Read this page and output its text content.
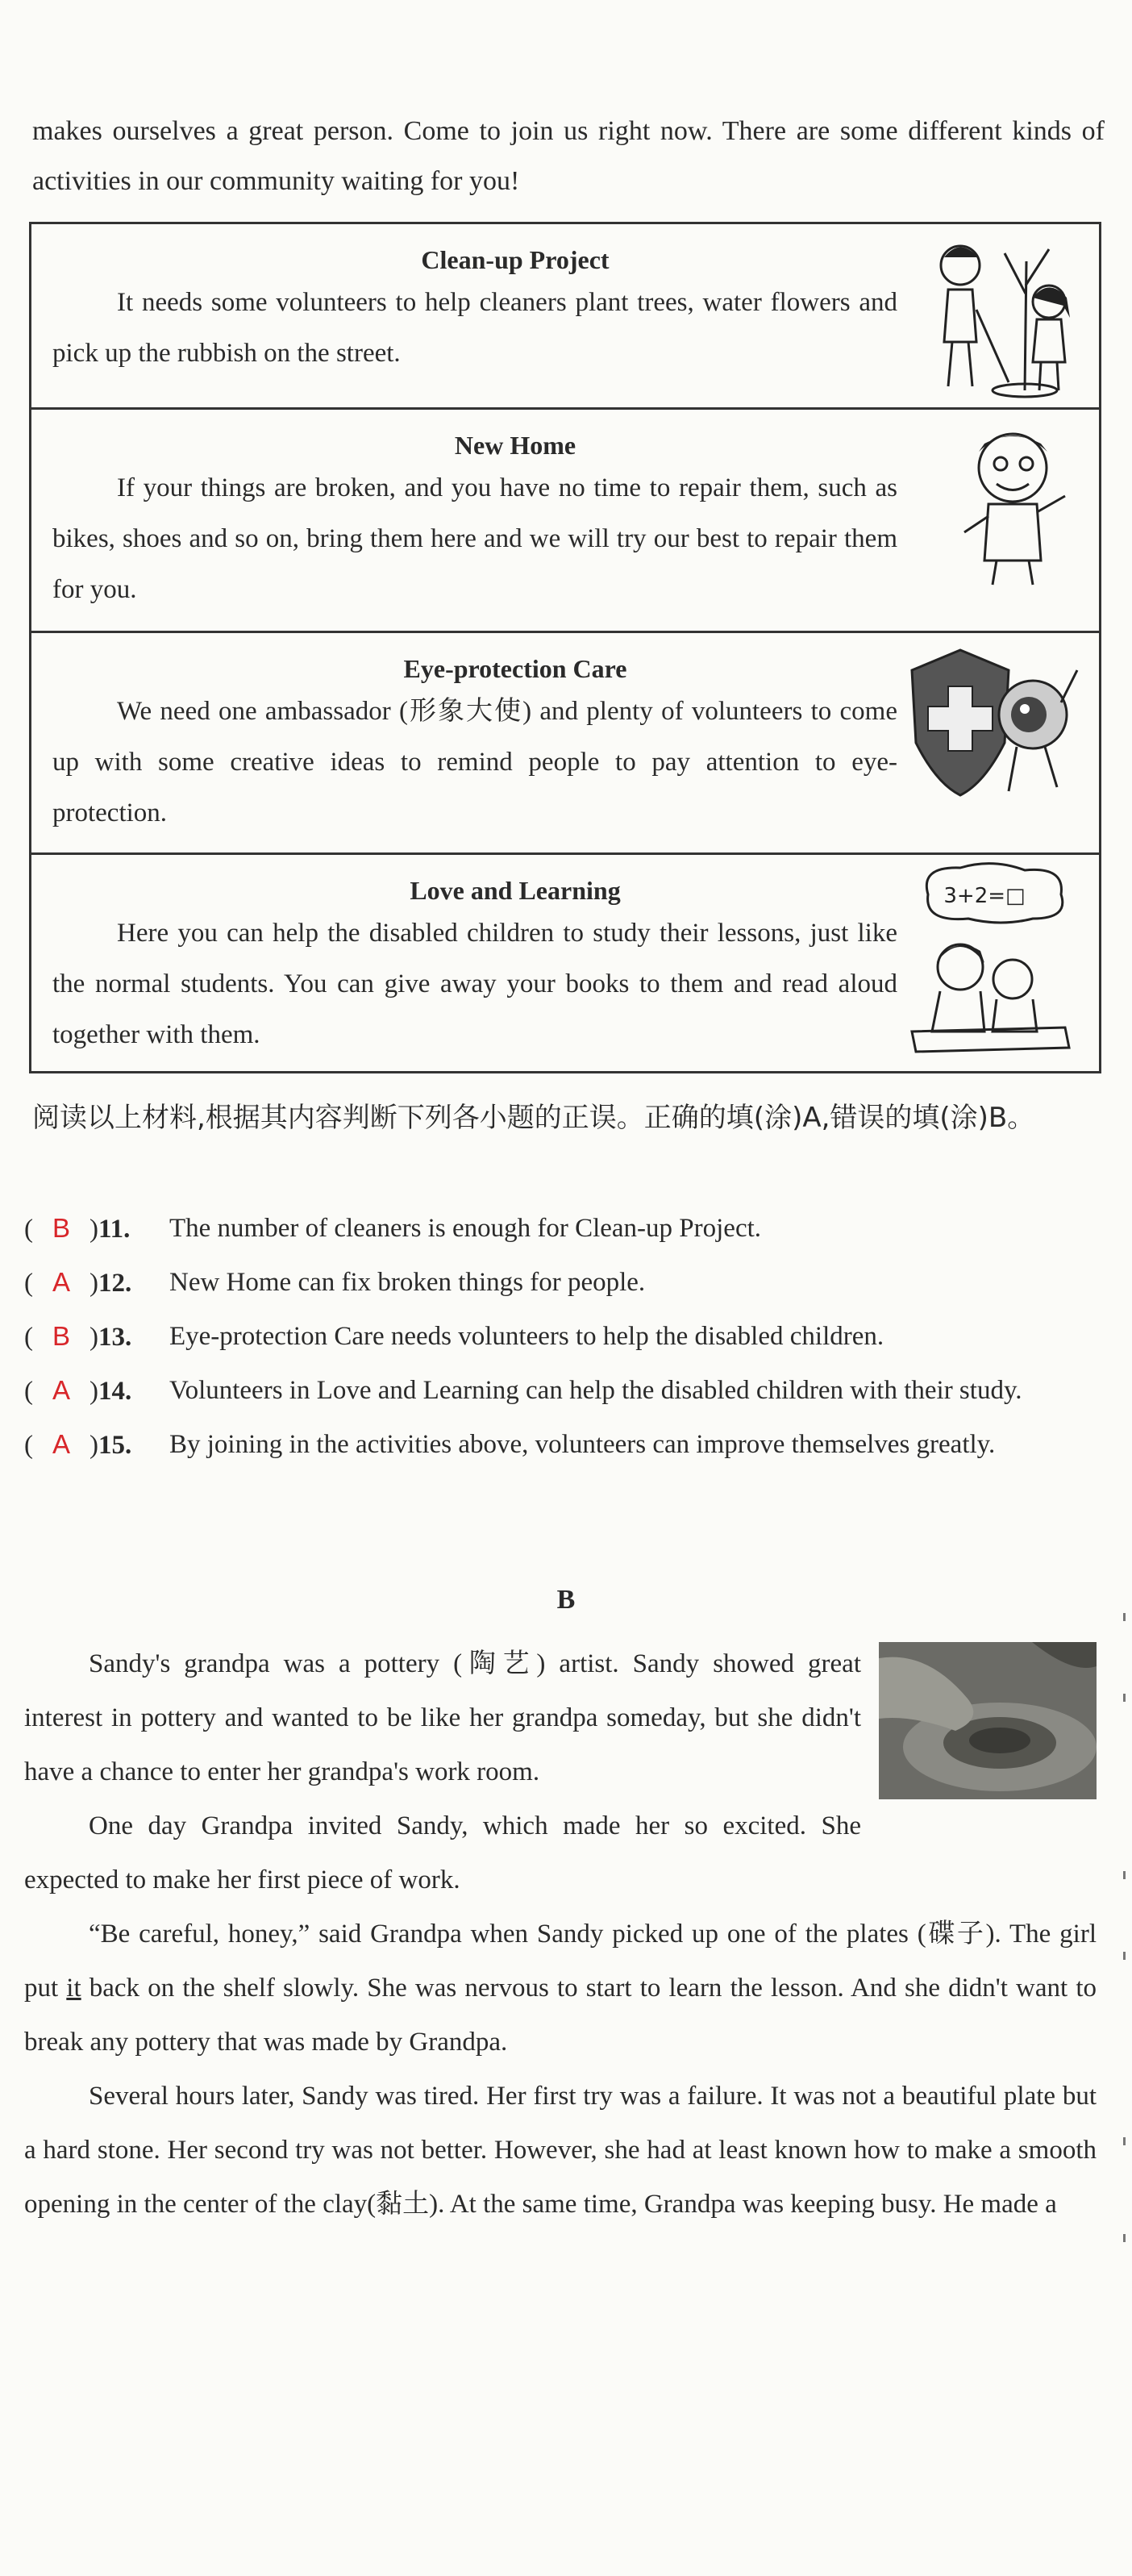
makes ourselves a great person. Come to join us right now. There are some different kinds of activities in our community waiting for you!
Clean-up Project
It needs some volunteers to help cleaners plant trees, water flowers and pick up the rubbish on the street.
New Home
If your things are broken, and you have no time to repair them, such as bikes, shoes and so on, bring them here and we will try our best to repair them for you.
Eye-protection Care
We need one ambassador (形象大使) and plenty of volunteers to come up with some creative ideas to remind people to pay attention to eye-protection.
Love and Learning
Here you can help the disabled children to study their lessons, just like the normal students. You can give away your books to them and read aloud together with them.
3+2=□
阅读以上材料,根据其内容判断下列各小题的正误。正确的填(涂)A,错误的填(涂)B。
( B )11.	The number of cleaners is enough for Clean-up Project.
( A )12.	New Home can fix broken things for people.
( B )13.	Eye-protection Care needs volunteers to help the disabled children.
( A )14.	Volunteers in Love and Learning can help the disabled children with their study.
( A )15.	By joining in the activities above, volunteers can improve themselves greatly.
B

Sandy's grandpa was a pottery (陶艺) artist. Sandy showed great interest in pottery and wanted to be like her grandpa someday, but she didn't have a chance to enter her grandpa's work room.

One day Grandpa invited Sandy, which made her so excited. She expected to make her first piece of work.

“Be careful, honey,” said Grandpa when Sandy picked up one of the plates (碟子). The girl put it back on the shelf slowly. She was nervous to start to learn the lesson. And she didn't want to break any pottery that was made by Grandpa.

Several hours later, Sandy was tired. Her first try was a failure. It was not a beautiful plate but a hard stone. Her second try was not better. However, she had at least known how to make a smooth opening in the center of the clay(黏土). At the same time, Grandpa was keeping busy. He made a
